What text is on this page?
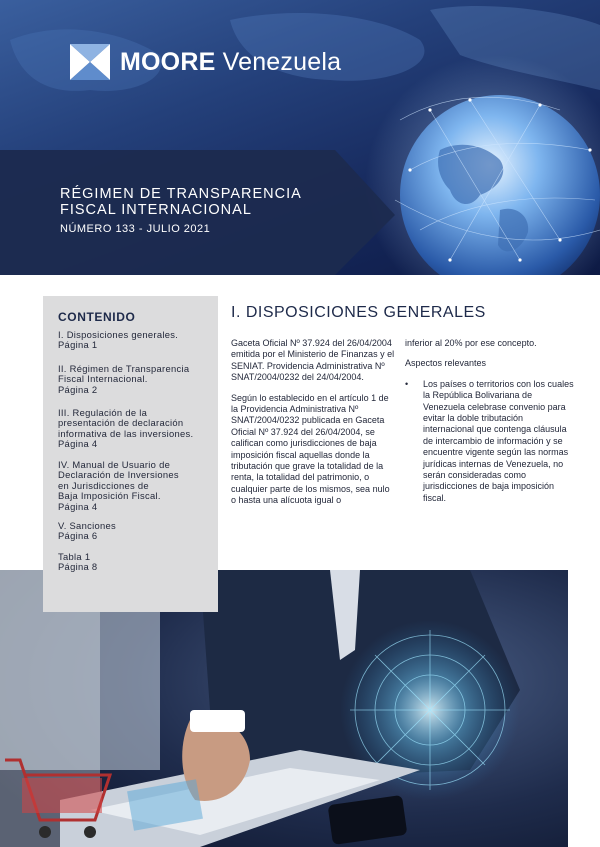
MOORE Venezuela
RÉGIMEN DE TRANSPARENCIA
FISCAL INTERNACIONAL
NÚMERO 133 - JULIO 2021
CONTENIDO
I. Disposiciones generales.
Página 1
II. Régimen de Transparencia
Fiscal Internacional.
Página 2
III. Regulación de la
presentación de declaración
informativa de las inversiones.
Página 4
IV. Manual de Usuario de
Declaración de Inversiones
en Jurisdicciones de
Baja Imposición Fiscal.
Página 4
V. Sanciones
Página 6
Tabla 1
Página 8
I. DISPOSICIONES GENERALES

Gaceta Oficial Nº 37.924 del 26/04/2004 emitida por el Ministerio de Finanzas y el SENIAT. Providencia Administrativa Nº SNAT/2004/0232 del 24/04/2004.

Según lo establecido en el artículo 1 de la Providencia Administrativa Nº SNAT/2004/0232 publicada en Gaceta Oficial Nº 37.924 del 26/04/2004, se califican como jurisdicciones de baja imposición fiscal aquellas donde la tributación que grave la totalidad de la renta, la totalidad del patrimonio, o cualquier parte de los mismos, sea nulo o hasta una alícuota igual o

inferior al 20% por ese concepto.

Aspectos relevantes

•	Los países o territorios con los cuales la República Bolivariana de Venezuela celebrase convenio para evitar la doble tributación internacional que contenga cláusula de intercambio de información y se encuentre vigente según las normas jurídicas internas de Venezuela, no serán consideradas como jurisdicciones de baja imposición fiscal.
